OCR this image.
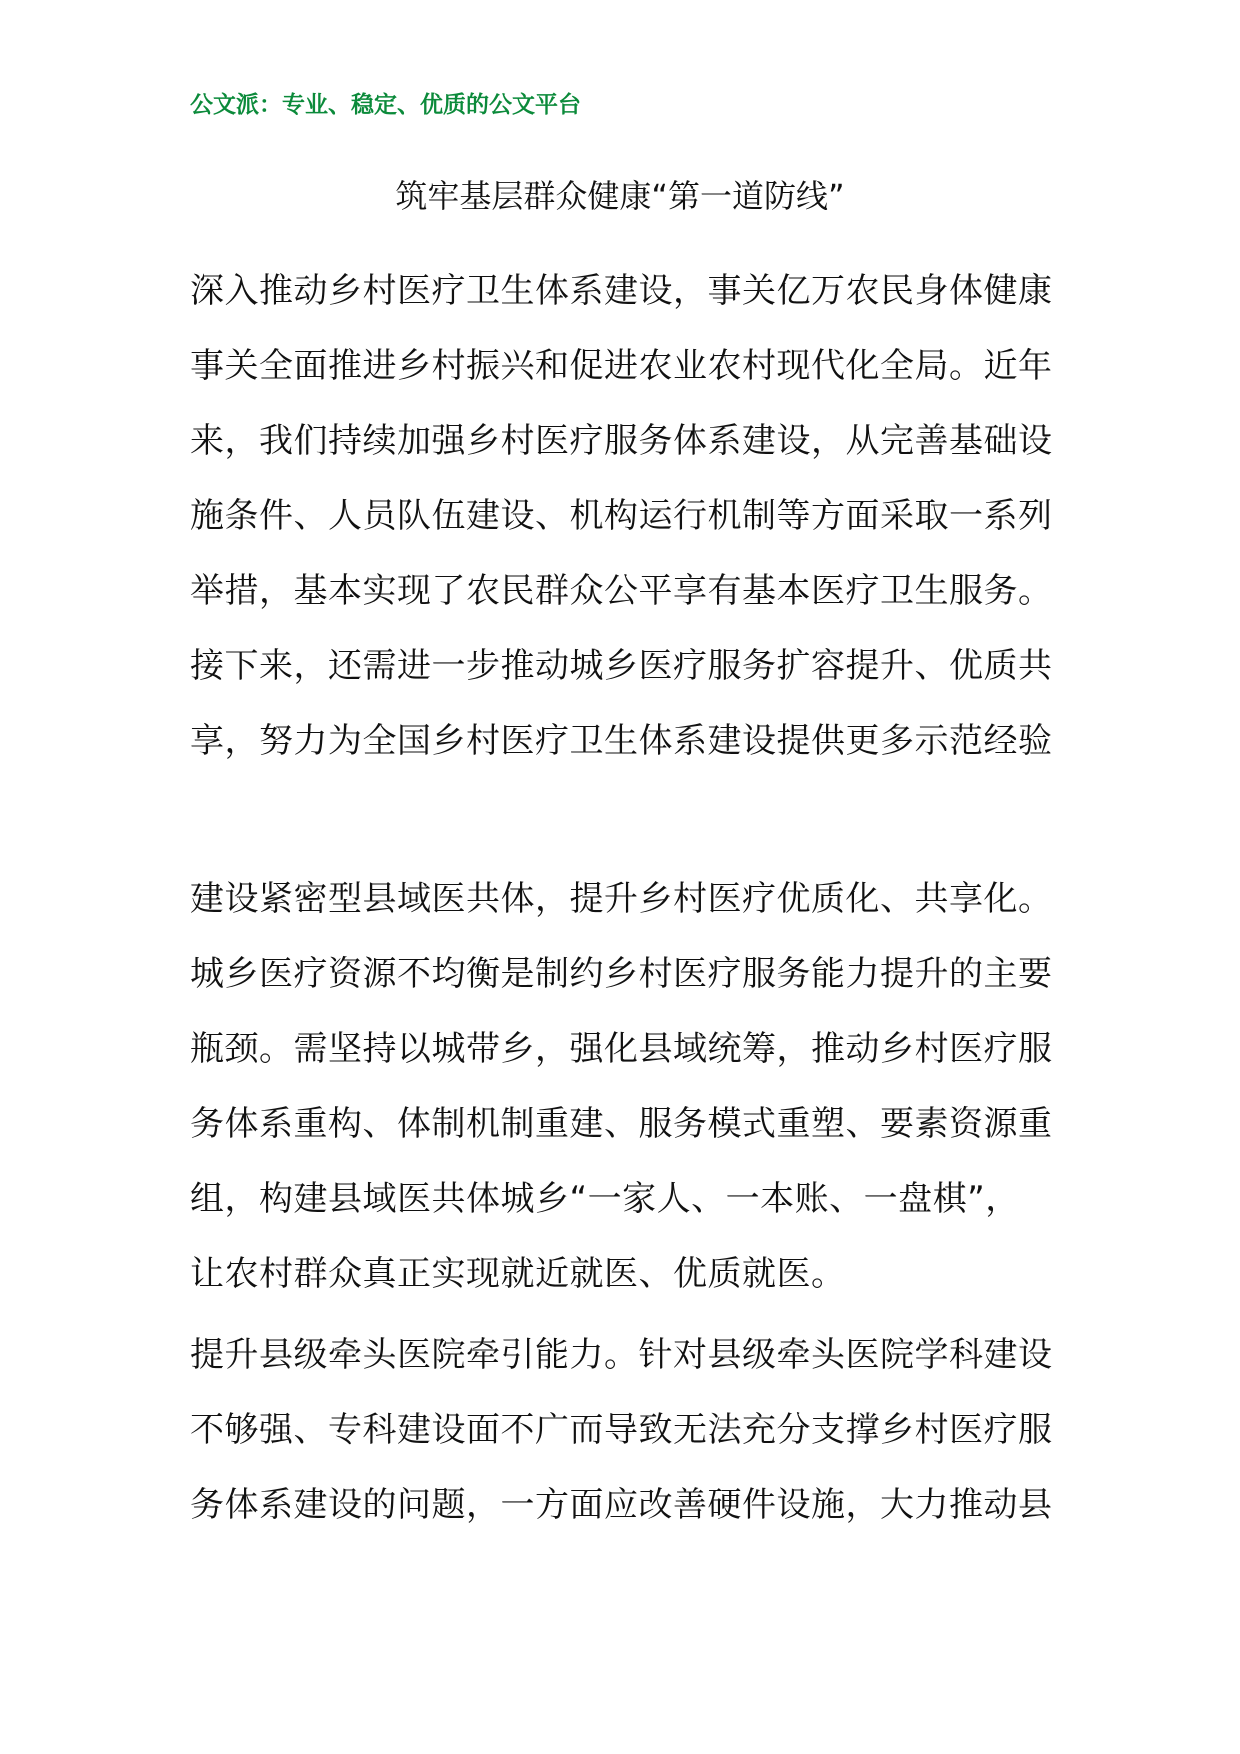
公文派：专业、稳定、优质的公文平台
筑牢基层群众健康“第一道防线”

深入推动乡村医疗卫生体系建设，事关亿万农民身体健康
事关全面推进乡村振兴和促进农业农村现代化全局。近年
来，我们持续加强乡村医疗服务体系建设，从完善基础设
施条件、人员队伍建设、机构运行机制等方面采取一系列
举措，基本实现了农民群众公平享有基本医疗卫生服务。
接下来，还需进一步推动城乡医疗服务扩容提升、优质共
享，努力为全国乡村医疗卫生体系建设提供更多示范经验

建设紧密型县域医共体，提升乡村医疗优质化、共享化。
城乡医疗资源不均衡是制约乡村医疗服务能力提升的主要
瓶颈。需坚持以城带乡，强化县域统筹，推动乡村医疗服
务体系重构、体制机制重建、服务模式重塑、要素资源重
组，构建县域医共体城乡“一家人、一本账、一盘棋”，
让农村群众真正实现就近就医、优质就医。

提升县级牵头医院牵引能力。针对县级牵头医院学科建设
不够强、专科建设面不广而导致无法充分支撑乡村医疗服
务体系建设的问题，一方面应改善硬件设施，大力推动县
